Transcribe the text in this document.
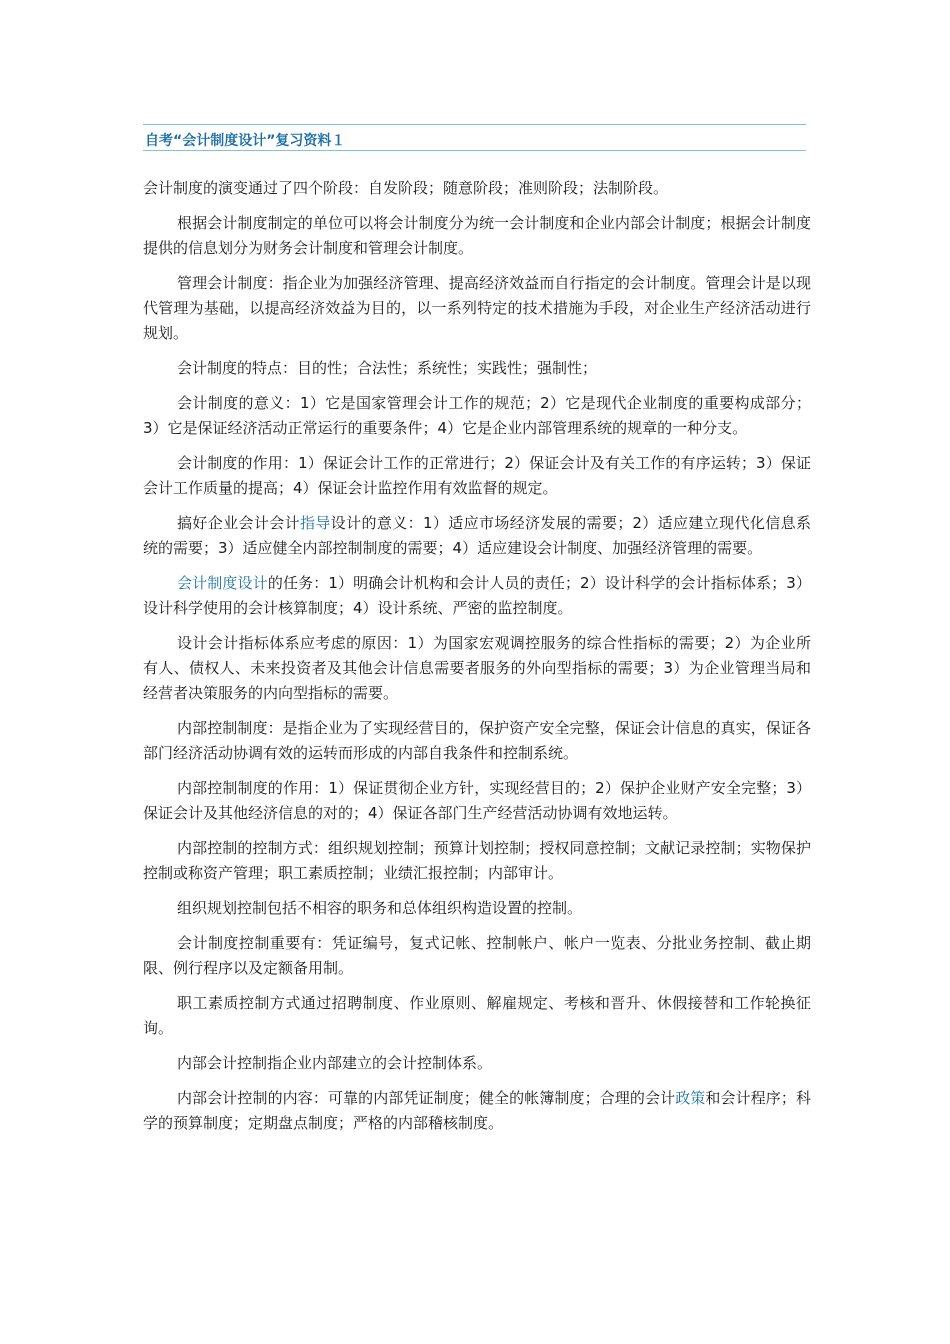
自考“会计制度设计”复习资料１

会计制度的演变通过了四个阶段：自发阶段；随意阶段；准则阶段；法制阶段。

根据会计制度制定的单位可以将会计制度分为统一会计制度和企业内部会计制度；根据会计制度提供的信息划分为财务会计制度和管理会计制度。

管理会计制度：指企业为加强经济管理、提高经济效益而自行指定的会计制度。管理会计是以现代管理为基础，以提高经济效益为目的，以一系列特定的技术措施为手段，对企业生产经济活动进行规划。

会计制度的特点：目的性；合法性；系统性；实践性；强制性；

会计制度的意义：1）它是国家管理会计工作的规范；2）它是现代企业制度的重要构成部分；3）它是保证经济活动正常运行的重要条件；4）它是企业内部管理系统的规章的一种分支。

会计制度的作用：1）保证会计工作的正常进行；2）保证会计及有关工作的有序运转；3）保证会计工作质量的提高；4）保证会计监控作用有效监督的规定。

搞好企业会计会计指导设计的意义：1）适应市场经济发展的需要；2）适应建立现代化信息系统的需要；3）适应健全内部控制制度的需要；4）适应建设会计制度、加强经济管理的需要。

会计制度设计的任务：1）明确会计机构和会计人员的责任；2）设计科学的会计指标体系；3）设计科学使用的会计核算制度；4）设计系统、严密的监控制度。

设计会计指标体系应考虑的原因：1）为国家宏观调控服务的综合性指标的需要；2）为企业所有人、债权人、未来投资者及其他会计信息需要者服务的外向型指标的需要；3）为企业管理当局和经营者决策服务的内向型指标的需要。

内部控制制度：是指企业为了实现经营目的，保护资产安全完整，保证会计信息的真实，保证各部门经济活动协调有效的运转而形成的内部自我条件和控制系统。

内部控制制度的作用：1）保证贯彻企业方针，实现经营目的；2）保护企业财产安全完整；3）保证会计及其他经济信息的对的；4）保证各部门生产经营活动协调有效地运转。

内部控制的控制方式：组织规划控制；预算计划控制；授权同意控制；文献记录控制；实物保护控制或称资产管理；职工素质控制；业绩汇报控制；内部审计。

组织规划控制包括不相容的职务和总体组织构造设置的控制。

会计制度控制重要有：凭证编号，复式记帐、控制帐户、帐户一览表、分批业务控制、截止期限、例行程序以及定额备用制。

职工素质控制方式通过招聘制度、作业原则、解雇规定、考核和晋升、休假接替和工作轮换征询。

内部会计控制指企业内部建立的会计控制体系。

内部会计控制的内容：可靠的内部凭证制度；健全的帐簿制度；合理的会计政策和会计程序；科学的预算制度；定期盘点制度；严格的内部稽核制度。
